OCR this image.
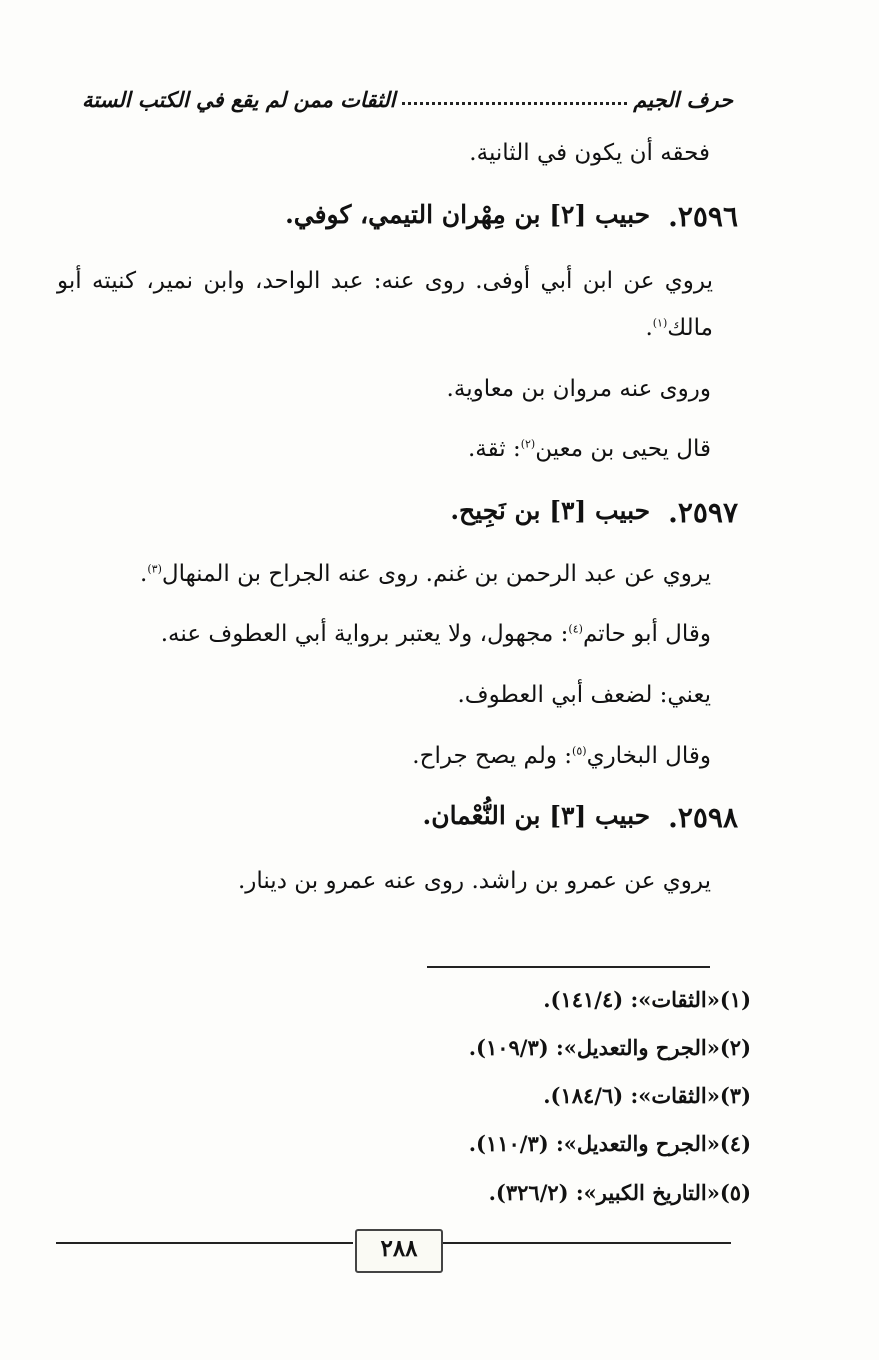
حرف الجيم
الثقات ممن لم يقع في الكتب الستة
فحقه أن يكون في الثانية.
٢٥٩٦.
حبيب [٢] بن مِهْران التيمي، كوفي.
يروي عن ابن أبي أوفى. روى عنه: عبد الواحد، وابن نمير، كنيته أبو مالك$^{(١)}$.
وروى عنه مروان بن معاوية.
قال يحيى بن معين$^{(٢)}$: ثقة.
٢٥٩٧.
حبيب [٣] بن نَجِيح.
يروي عن عبد الرحمن بن غنم. روى عنه الجراح بن المنهال$^{(٣)}$.
وقال أبو حاتم$^{(٤)}$: مجهول، ولا يعتبر برواية أبي العطوف عنه.
يعني: لضعف أبي العطوف.
وقال البخاري$^{(٥)}$: ولم يصح جراح.
٢٥٩٨.
حبيب [٣] بن النُّعْمان.
يروي عن عمرو بن راشد. روى عنه عمرو بن دينار.
(١)«الثقات»: (١٤١/٤).
(٢)«الجرح والتعديل»: (١٠٩/٣).
(٣)«الثقات»: (١٨٤/٦).
(٤)«الجرح والتعديل»: (١١٠/٣).
(٥)«التاريخ الكبير»: (٣٢٦/٢).
٢٨٨
